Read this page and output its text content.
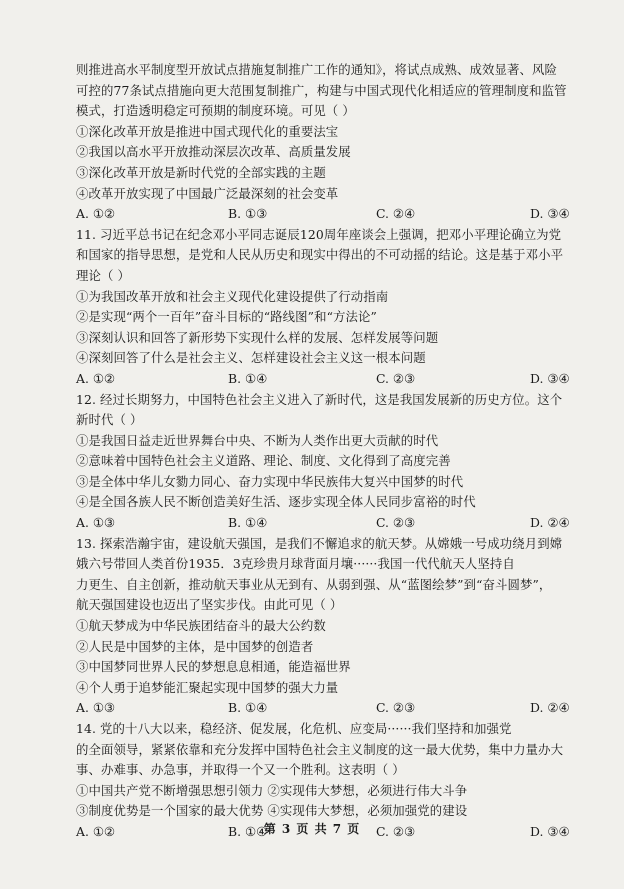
则推进高水平制度型开放试点措施复制推广工作的通知》，将试点成熟、成效显著、风险
可控的77条试点措施向更大范围复制推广，构建与中国式现代化相适应的管理制度和监管
模式，打造透明稳定可预期的制度环境。可见（ ）
①深化改革开放是推进中国式现代化的重要法宝
②我国以高水平开放推动深层次改革、高质量发展
③深化改革开放是新时代党的全部实践的主题
④改革开放实现了中国最广泛最深刻的社会变革
A. ①②	B. ①③	C. ②④	D. ③④
11. 习近平总书记在纪念邓小平同志诞辰120周年座谈会上强调，把邓小平理论确立为党
和国家的指导思想，是党和人民从历史和现实中得出的不可动摇的结论。这是基于邓小平
理论（ ）
①为我国改革开放和社会主义现代化建设提供了行动指南
②是实现“两个一百年”奋斗目标的“路线图”和“方法论”
③深刻认识和回答了新形势下实现什么样的发展、怎样发展等问题
④深刻回答了什么是社会主义、怎样建设社会主义这一根本问题
A. ①②	B. ①④	C. ②③	D. ③④
12. 经过长期努力，中国特色社会主义进入了新时代，这是我国发展新的历史方位。这个
新时代（ ）
①是我国日益走近世界舞台中央、不断为人类作出更大贡献的时代
②意味着中国特色社会主义道路、理论、制度、文化得到了高度完善
③是全体中华儿女勠力同心、奋力实现中华民族伟大复兴中国梦的时代
④是全国各族人民不断创造美好生活、逐步实现全体人民同步富裕的时代
A. ①③	B. ①④	C. ②③	D. ②④
13. 探索浩瀚宇宙，建设航天强国，是我们不懈追求的航天梦。从嫦娥一号成功绕月到嫦
娥六号带回人类首份1935．3克珍贵月球背面月壤······我国一代代航天人坚持自
力更生、自主创新，推动航天事业从无到有、从弱到强、从“蓝图绘梦”到“奋斗圆梦”，
航天强国建设也迈出了坚实步伐。由此可见（ ）
①航天梦成为中华民族团结奋斗的最大公约数
②人民是中国梦的主体，是中国梦的创造者
③中国梦同世界人民的梦想息息相通，能造福世界
④个人勇于追梦能汇聚起实现中国梦的强大力量
A. ①③	B. ①④	C. ②③	D. ②④
14. 党的十八大以来，稳经济、促发展，化危机、应变局······我们坚持和加强党
的全面领导，紧紧依靠和充分发挥中国特色社会主义制度的这一最大优势，集中力量办大
事、办难事、办急事，并取得一个又一个胜利。这表明（ ）
①中国共产党不断增强思想引领力 ②实现伟大梦想，必须进行伟大斗争
③制度优势是一个国家的最大优势 ④实现伟大梦想，必须加强党的建设
A. ①②	B. ①④	C. ②③	D. ③④
第 3 页 共 7 页
